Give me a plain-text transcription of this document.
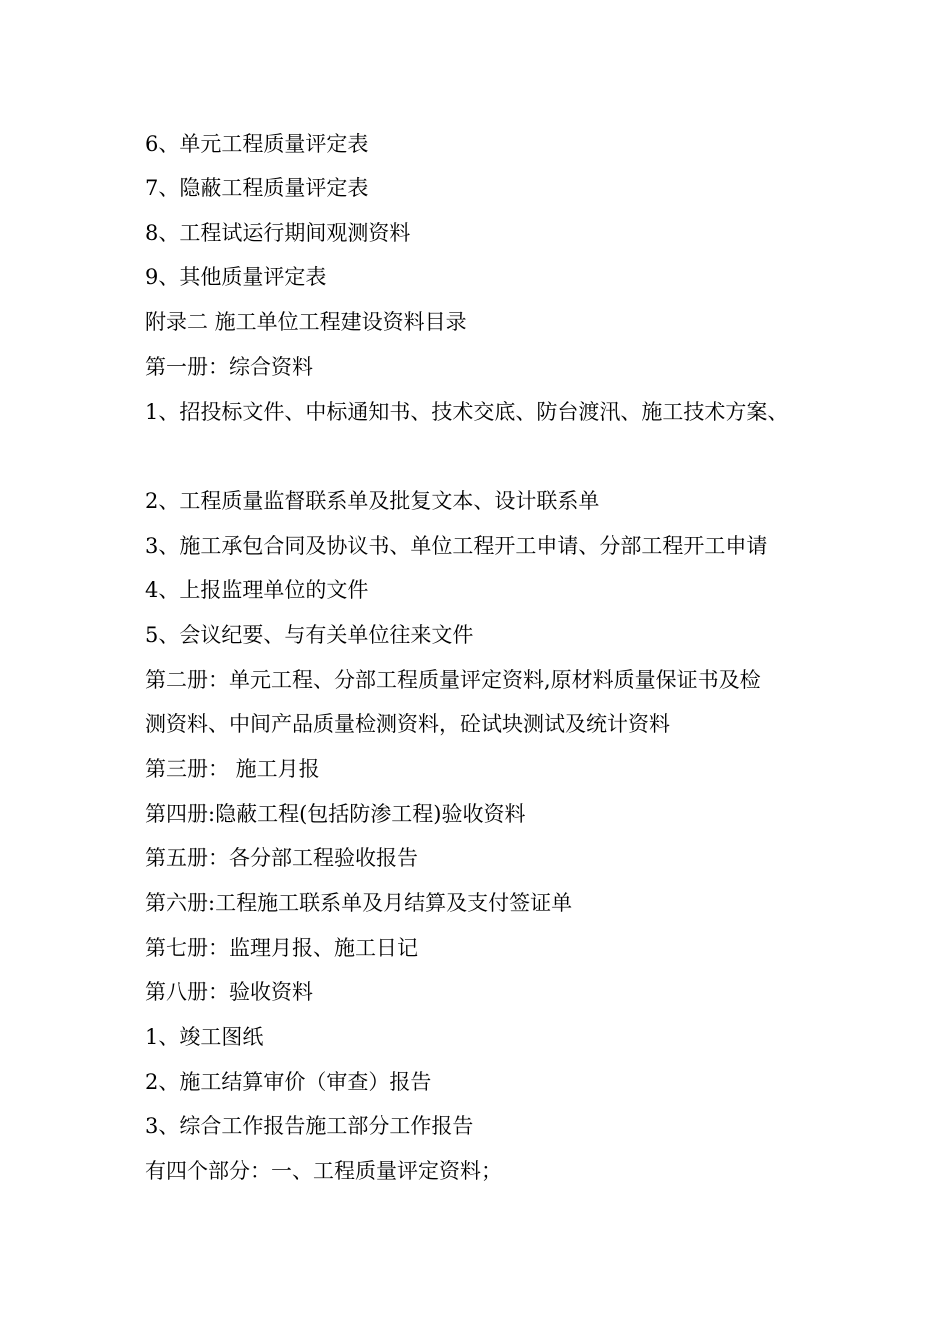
6、单元工程质量评定表

7、隐蔽工程质量评定表

8、工程试运行期间观测资料

9、其他质量评定表

附录二 施工单位工程建设资料目录

第一册：综合资料

1、招投标文件、中标通知书、技术交底、防台渡汛、施工技术方案、

2、工程质量监督联系单及批复文本、设计联系单

3、施工承包合同及协议书、单位工程开工申请、分部工程开工申请

4、上报监理单位的文件

5、会议纪要、与有关单位往来文件

第二册：单元工程、分部工程质量评定资料,原材料质量保证书及检

测资料、中间产品质量检测资料，砼试块测试及统计资料

第三册： 施工月报

第四册:隐蔽工程(包括防渗工程)验收资料

第五册：各分部工程验收报告

第六册:工程施工联系单及月结算及支付签证单

第七册：监理月报、施工日记

第八册：验收资料

1、竣工图纸

2、施工结算审价（审查）报告

3、综合工作报告施工部分工作报告

有四个部分：一、工程质量评定资料；
